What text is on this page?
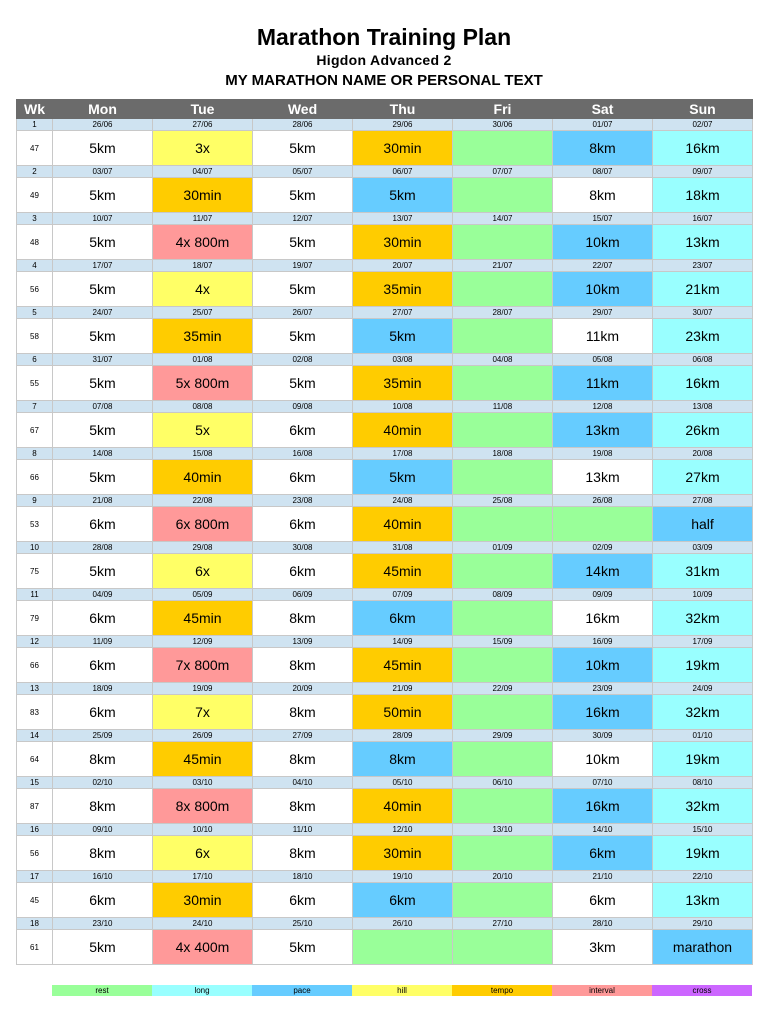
Marathon Training Plan
Higdon Advanced 2
MY MARATHON NAME OR PERSONAL TEXT
Wk	Mon	Tue	Wed	Thu	Fri	Sat	Sun
1	26/06	27/06	28/06	29/06	30/06	01/07	02/07
47	5km	3x	5km	30min		8km	16km
2	03/07	04/07	05/07	06/07	07/07	08/07	09/07
49	5km	30min	5km	5km		8km	18km
3	10/07	11/07	12/07	13/07	14/07	15/07	16/07
48	5km	4x 800m	5km	30min		10km	13km
4	17/07	18/07	19/07	20/07	21/07	22/07	23/07
56	5km	4x	5km	35min		10km	21km
5	24/07	25/07	26/07	27/07	28/07	29/07	30/07
58	5km	35min	5km	5km		11km	23km
6	31/07	01/08	02/08	03/08	04/08	05/08	06/08
55	5km	5x 800m	5km	35min		11km	16km
7	07/08	08/08	09/08	10/08	11/08	12/08	13/08
67	5km	5x	6km	40min		13km	26km
8	14/08	15/08	16/08	17/08	18/08	19/08	20/08
66	5km	40min	6km	5km		13km	27km
9	21/08	22/08	23/08	24/08	25/08	26/08	27/08
53	6km	6x 800m	6km	40min			half
10	28/08	29/08	30/08	31/08	01/09	02/09	03/09
75	5km	6x	6km	45min		14km	31km
11	04/09	05/09	06/09	07/09	08/09	09/09	10/09
79	6km	45min	8km	6km		16km	32km
12	11/09	12/09	13/09	14/09	15/09	16/09	17/09
66	6km	7x 800m	8km	45min		10km	19km
13	18/09	19/09	20/09	21/09	22/09	23/09	24/09
83	6km	7x	8km	50min		16km	32km
14	25/09	26/09	27/09	28/09	29/09	30/09	01/10
64	8km	45min	8km	8km		10km	19km
15	02/10	03/10	04/10	05/10	06/10	07/10	08/10
87	8km	8x 800m	8km	40min		16km	32km
16	09/10	10/10	11/10	12/10	13/10	14/10	15/10
56	8km	6x	8km	30min		6km	19km
17	16/10	17/10	18/10	19/10	20/10	21/10	22/10
45	6km	30min	6km	6km		6km	13km
18	23/10	24/10	25/10	26/10	27/10	28/10	29/10
61	5km	4x 400m	5km			3km	marathon
rest	long	pace	hill	tempo	interval	cross
